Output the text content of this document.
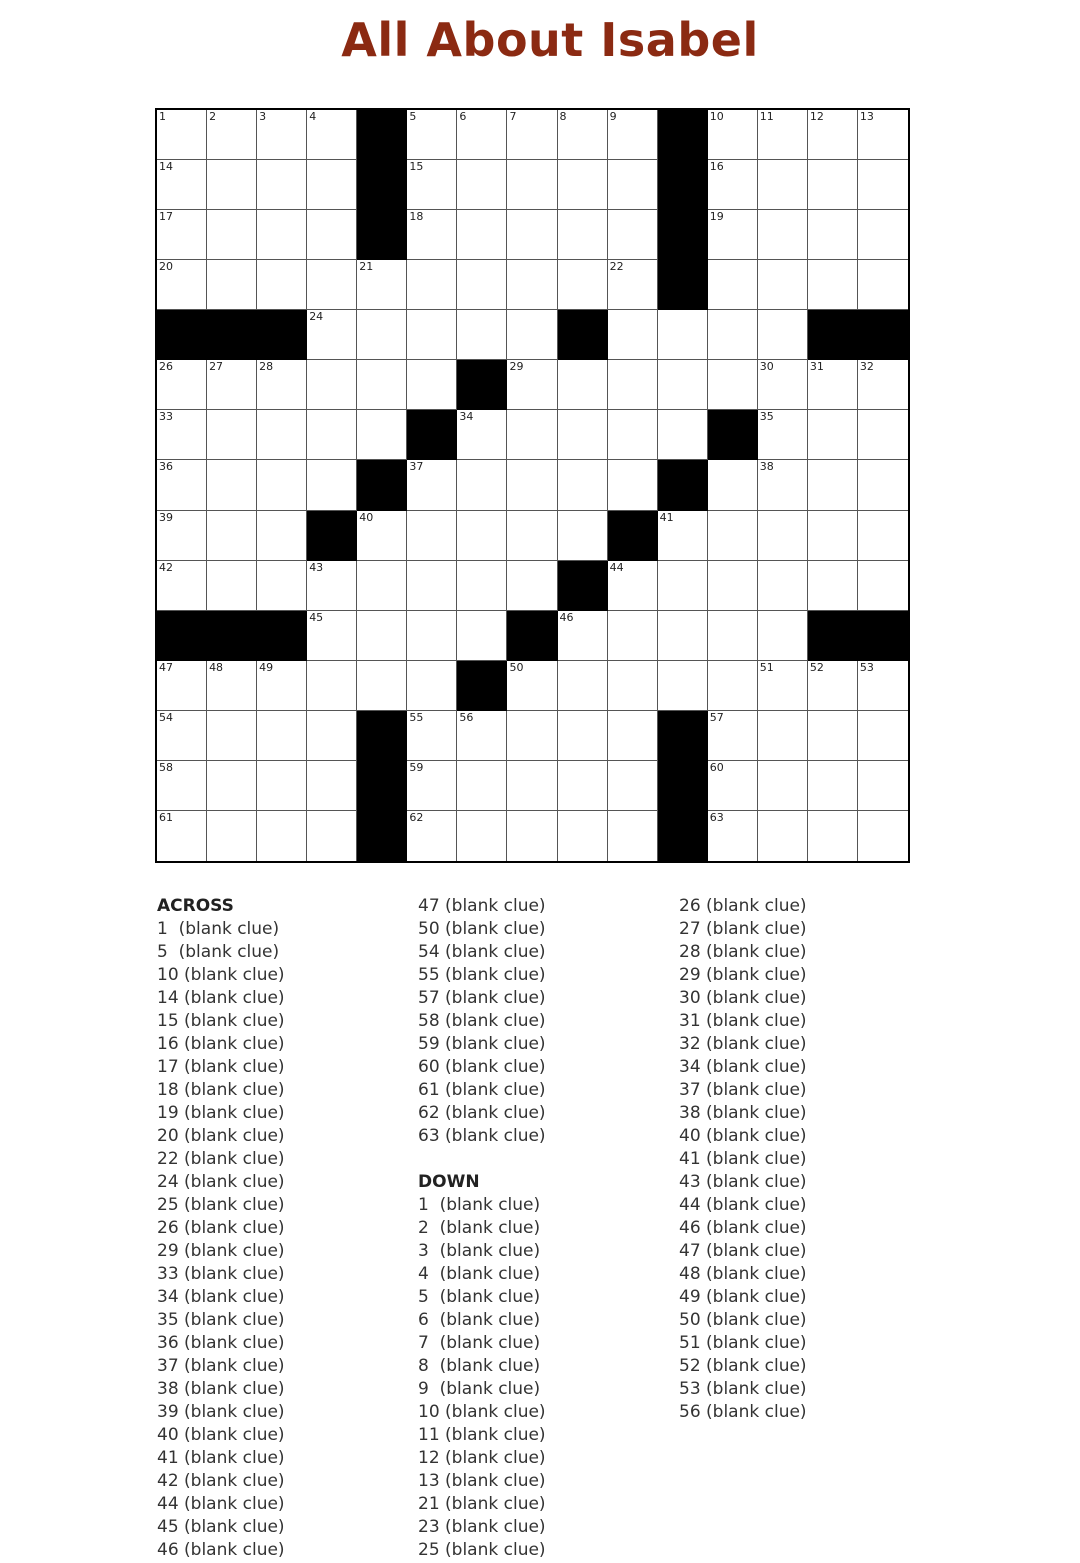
All About Isabel
1	2	3	4	5	6	7	8	9	10	11	12	13
14	15	16
17	18	19
20	21	22
24
26	27	28	29	30	31	32
33	34	35
36	37	38
39	40	41
42	43	44
45	46
47	48	49	50	51	52	53
54	55	56	57
58	59	60
61	62	63
ACROSS
1  (blank clue)
5  (blank clue)
10 (blank clue)
14 (blank clue)
15 (blank clue)
16 (blank clue)
17 (blank clue)
18 (blank clue)
19 (blank clue)
20 (blank clue)
22 (blank clue)
24 (blank clue)
25 (blank clue)
26 (blank clue)
29 (blank clue)
33 (blank clue)
34 (blank clue)
35 (blank clue)
36 (blank clue)
37 (blank clue)
38 (blank clue)
39 (blank clue)
40 (blank clue)
41 (blank clue)
42 (blank clue)
44 (blank clue)
45 (blank clue)
46 (blank clue)
47 (blank clue)
50 (blank clue)
54 (blank clue)
55 (blank clue)
57 (blank clue)
58 (blank clue)
59 (blank clue)
60 (blank clue)
61 (blank clue)
62 (blank clue)
63 (blank clue)
DOWN
1  (blank clue)
2  (blank clue)
3  (blank clue)
4  (blank clue)
5  (blank clue)
6  (blank clue)
7  (blank clue)
8  (blank clue)
9  (blank clue)
10 (blank clue)
11 (blank clue)
12 (blank clue)
13 (blank clue)
21 (blank clue)
23 (blank clue)
25 (blank clue)
26 (blank clue)
27 (blank clue)
28 (blank clue)
29 (blank clue)
30 (blank clue)
31 (blank clue)
32 (blank clue)
34 (blank clue)
37 (blank clue)
38 (blank clue)
40 (blank clue)
41 (blank clue)
43 (blank clue)
44 (blank clue)
46 (blank clue)
47 (blank clue)
48 (blank clue)
49 (blank clue)
50 (blank clue)
51 (blank clue)
52 (blank clue)
53 (blank clue)
56 (blank clue)
